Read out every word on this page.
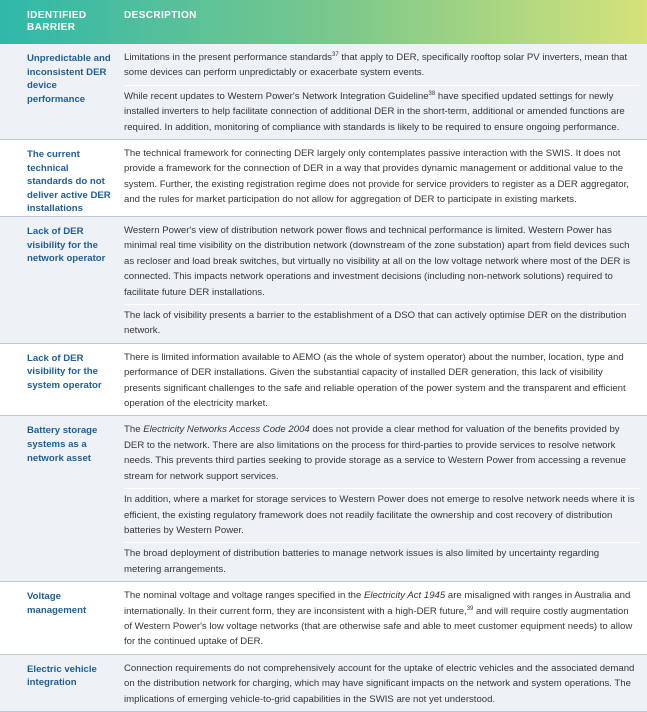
IDENTIFIED
BARRIER
DESCRIPTION
Unpredictable and inconsistent DER device performance
Limitations in the present performance standards$^{37}$ that apply to DER, specifically rooftop solar PV inverters, mean that some devices can perform unpredictably or exacerbate system events.
While recent updates to Western Power's Network Integration Guideline$^{38}$ have specified updated settings for newly installed inverters to help facilitate connection of additional DER in the short-term, additional or amended functions are required. In addition, monitoring of compliance with standards is likely to be required to ensure ongoing performance.
The current technical standards do not deliver active DER installations
The technical framework for connecting DER largely only contemplates passive interaction with the SWIS. It does not provide a framework for the connection of DER in a way that provides dynamic management or additional value to the system. Further, the existing registration regime does not provide for service providers to register as a DER aggregator, and the rules for market participation do not allow for aggregation of DER to participate in existing markets.
Lack of DER visibility for the network operator
Western Power's view of distribution network power flows and technical performance is limited. Western Power has minimal real time visibility on the distribution network (downstream of the zone substation) apart from field devices such as recloser and load break switches, but virtually no visibility at all on the low voltage network where most of the DER is connected. This impacts network operations and investment decisions (including non-network solutions) required to facilitate future DER installations.
The lack of visibility presents a barrier to the establishment of a DSO that can actively optimise DER on the distribution network.
Lack of DER visibility for the system operator
There is limited information available to AEMO (as the whole of system operator) about the number, location, type and performance of DER installations. Given the substantial capacity of installed DER generation, this lack of visibility presents significant challenges to the safe and reliable operation of the power system and the transparent and efficient operation of the electricity market.
Battery storage systems as a network asset
The Electricity Networks Access Code 2004 does not provide a clear method for valuation of the benefits provided by DER to the network. There are also limitations on the process for third-parties to provide services to resolve network needs. This prevents third parties seeking to provide storage as a service to Western Power from accessing a revenue stream for network support services.
In addition, where a market for storage services to Western Power does not emerge to resolve network needs where it is efficient, the existing regulatory framework does not readily facilitate the ownership and cost recovery of distribution batteries by Western Power.
The broad deployment of distribution batteries to manage network issues is also limited by uncertainty regarding metering arrangements.
Voltage management
The nominal voltage and voltage ranges specified in the Electricity Act 1945 are misaligned with ranges in Australia and internationally. In their current form, they are inconsistent with a high-DER future,$^{39}$ and will require costly augmentation of Western Power's low voltage networks (that are otherwise safe and able to meet customer equipment needs) to allow for the continued uptake of DER.
Electric vehicle integration
Connection requirements do not comprehensively account for the uptake of electric vehicles and the associated demand on the distribution network for charging, which may have significant impacts on the network and system operations. The implications of emerging vehicle-to-grid capabilities in the SWIS are not yet understood.
